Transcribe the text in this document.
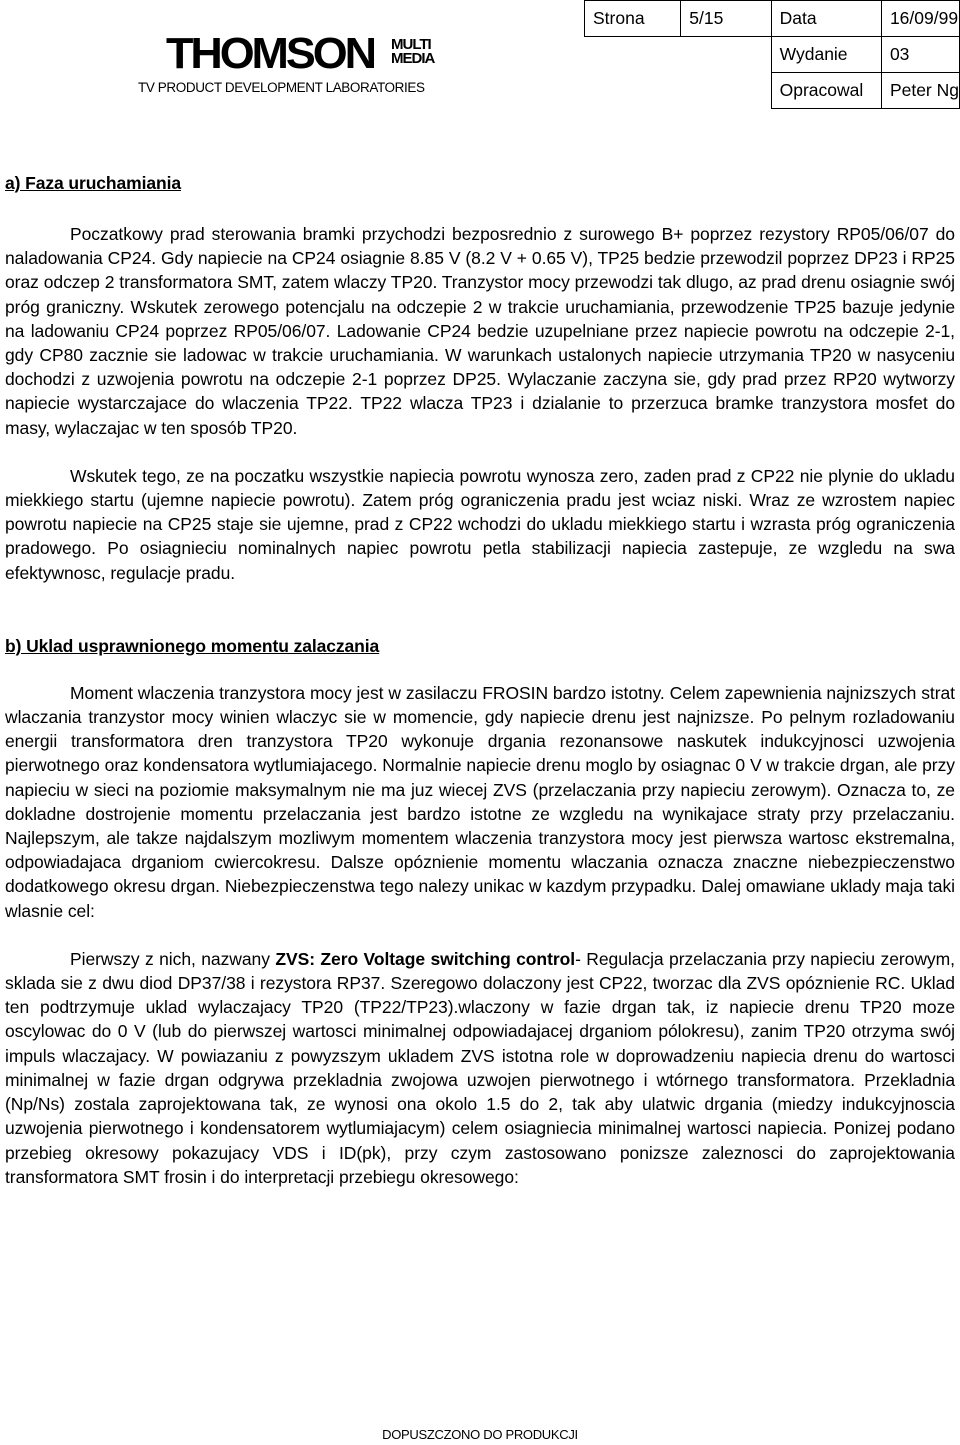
THOMSON MULTI
MEDIA
TV PRODUCT DEVELOPMENT LABORATORIES
Strona	5/15	Data	16/09/99
		Wydanie	03
		Opracowal	Peter Ng
a) Faza uruchamiania

Poczatkowy prad sterowania bramki przychodzi bezposrednio z surowego B+ poprzez rezystory RP05/06/07 do naladowania CP24. Gdy napiecie na CP24 osiagnie 8.85 V (8.2 V + 0.65 V), TP25 bedzie przewodzil poprzez DP23 i RP25 oraz odczep 2 transformatora SMT, zatem wlaczy TP20. Tranzystor mocy przewodzi tak dlugo, az prad drenu osiagnie swój próg graniczny. Wskutek zerowego potencjalu na odczepie 2 w trakcie uruchamiania, przewodzenie TP25 bazuje jedynie na ladowaniu CP24 poprzez RP05/06/07. Ladowanie CP24 bedzie uzupelniane przez napiecie powrotu na odczepie 2-1, gdy CP80 zacznie sie ladowac w trakcie uruchamiania. W warunkach ustalonych napiecie utrzymania TP20 w nasyceniu dochodzi z uzwojenia powrotu na odczepie 2-1 poprzez DP25. Wylaczanie zaczyna sie, gdy prad przez RP20 wytworzy napiecie wystarczajace do wlaczenia TP22. TP22 wlacza TP23 i dzialanie to przerzuca bramke tranzystora mosfet do masy, wylaczajac w ten sposób TP20.

Wskutek tego, ze na poczatku wszystkie napiecia powrotu wynosza zero, zaden prad z CP22 nie plynie do ukladu miekkiego startu (ujemne napiecie powrotu). Zatem próg ograniczenia pradu jest wciaz niski. Wraz ze wzrostem napiec powrotu napiecie na CP25 staje sie ujemne, prad z CP22 wchodzi do ukladu miekkiego startu i wzrasta próg ograniczenia pradowego. Po osiagnieciu nominalnych napiec powrotu petla stabilizacji napiecia zastepuje, ze wzgledu na swa efektywnosc, regulacje pradu.

b) Uklad usprawnionego momentu zalaczania

Moment wlaczenia tranzystora mocy jest w zasilaczu FROSIN bardzo istotny. Celem zapewnienia najnizszych strat wlaczania tranzystor mocy winien wlaczyc sie w momencie, gdy napiecie drenu jest najnizsze. Po pelnym rozladowaniu energii transformatora dren tranzystora TP20 wykonuje drgania rezonansowe naskutek indukcyjnosci uzwojenia pierwotnego oraz kondensatora wytlumiajacego. Normalnie napiecie drenu moglo by osiagnac 0 V w trakcie drgan, ale przy napieciu w sieci na poziomie maksymalnym nie ma juz wiecej ZVS (przelaczania przy napieciu zerowym). Oznacza to, ze dokladne dostrojenie momentu przelaczania jest bardzo istotne ze wzgledu na wynikajace straty przy przelaczaniu. Najlepszym, ale takze najdalszym mozliwym momentem wlaczenia tranzystora mocy jest pierwsza wartosc ekstremalna, odpowiadajaca drganiom cwiercokresu. Dalsze opóznienie momentu wlaczania oznacza znaczne niebezpieczenstwo dodatkowego okresu drgan. Niebezpieczenstwa tego nalezy unikac w kazdym przypadku. Dalej omawiane uklady maja taki wlasnie cel:

Pierwszy z nich, nazwany ZVS: Zero Voltage switching control- Regulacja przelaczania przy napieciu zerowym, sklada sie z dwu diod DP37/38 i rezystora RP37. Szeregowo dolaczony jest CP22, tworzac dla ZVS opóznienie RC. Uklad ten podtrzymuje uklad wylaczajacy TP20 (TP22/TP23).wlaczony w fazie drgan tak, iz napiecie drenu TP20 moze oscylowac do 0 V (lub do pierwszej wartosci minimalnej odpowiadajacej drganiom pólokresu), zanim TP20 otrzyma swój impuls wlaczajacy. W powiazaniu z powyzszym ukladem ZVS istotna role w doprowadzeniu napiecia drenu do wartosci minimalnej w fazie drgan odgrywa przekladnia zwojowa uzwojen pierwotnego i wtórnego transformatora. Przekladnia (Np/Ns) zostala zaprojektowana tak, ze wynosi ona okolo 1.5 do 2, tak aby ulatwic drgania (miedzy indukcyjnoscia uzwojenia pierwotnego i kondensatorem wytlumiajacym) celem osiagniecia minimalnej wartosci napiecia. Ponizej podano przebieg okresowy pokazujacy VDS i ID(pk), przy czym zastosowano ponizsze zaleznosci do zaprojektowania transformatora SMT frosin i do interpretacji przebiegu okresowego:

DOPUSZCZONO DO PRODUKCJI
